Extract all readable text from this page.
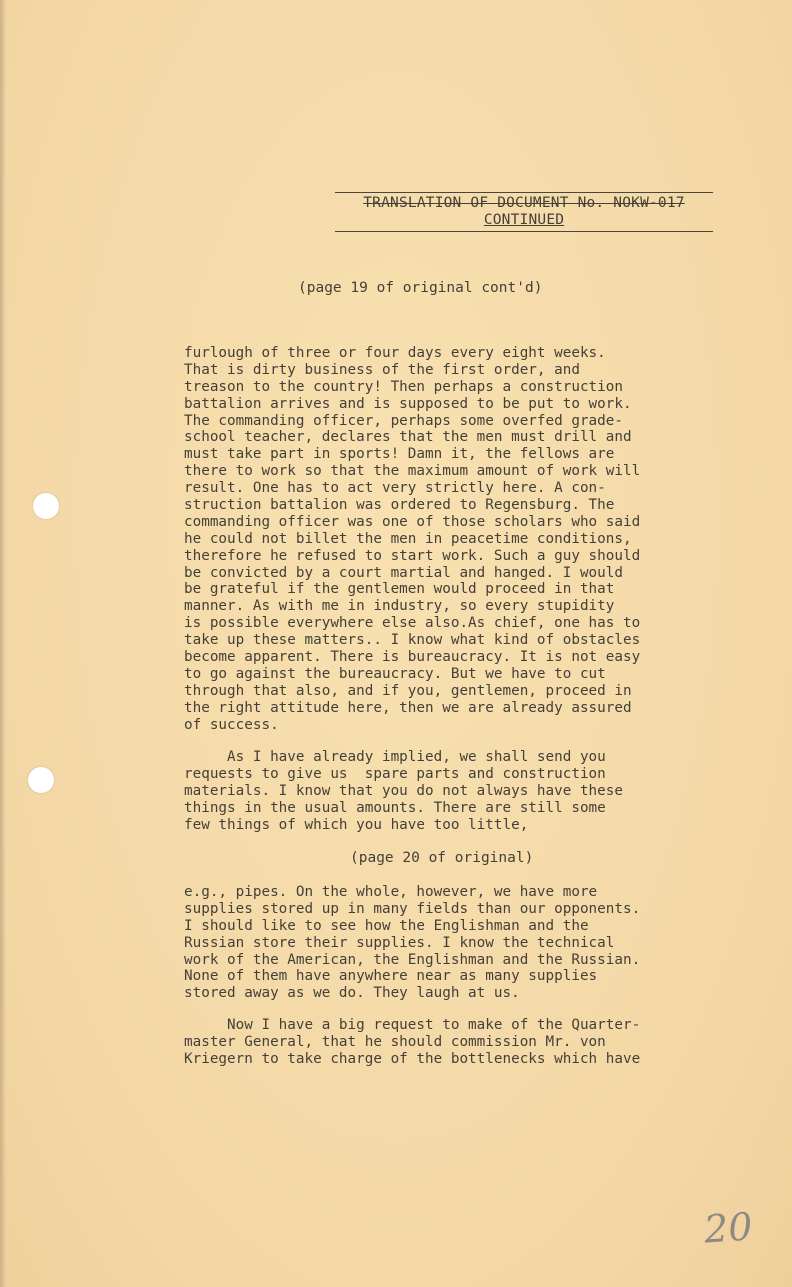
TRANSLATION OF DOCUMENT No. NOKW-017
CONTINUED
(page 19 of original cont'd)
furlough of three or four days every eight weeks.
That is dirty business of the first order, and
treason to the country! Then perhaps a construction
battalion arrives and is supposed to be put to work.
The commanding officer, perhaps some overfed grade-
school teacher, declares that the men must drill and
must take part in sports! Damn it, the fellows are
there to work so that the maximum amount of work will
result. One has to act very strictly here. A con-
struction battalion was ordered to Regensburg. The
commanding officer was one of those scholars who said
he could not billet the men in peacetime conditions,
therefore he refused to start work. Such a guy should
be convicted by a court martial and hanged. I would
be grateful if the gentlemen would proceed in that
manner. As with me in industry, so every stupidity
is possible everywhere else also.As chief, one has to
take up these matters.. I know what kind of obstacles
become apparent. There is bureaucracy. It is not easy
to go against the bureaucracy. But we have to cut
through that also, and if you, gentlemen, proceed in
the right attitude here, then we are already assured
of success.
As I have already implied, we shall send you
requests to give us  spare parts and construction
materials. I know that you do not always have these
things in the usual amounts. There are still some
few things of which you have too little,
(page 20 of original)
e.g., pipes. On the whole, however, we have more
supplies stored up in many fields than our opponents.
I should like to see how the Englishman and the
Russian store their supplies. I know the technical
work of the American, the Englishman and the Russian.
None of them have anywhere near as many supplies
stored away as we do. They laugh at us.
Now I have a big request to make of the Quarter-
master General, that he should commission Mr. von
Kriegern to take charge of the bottlenecks which have
20
